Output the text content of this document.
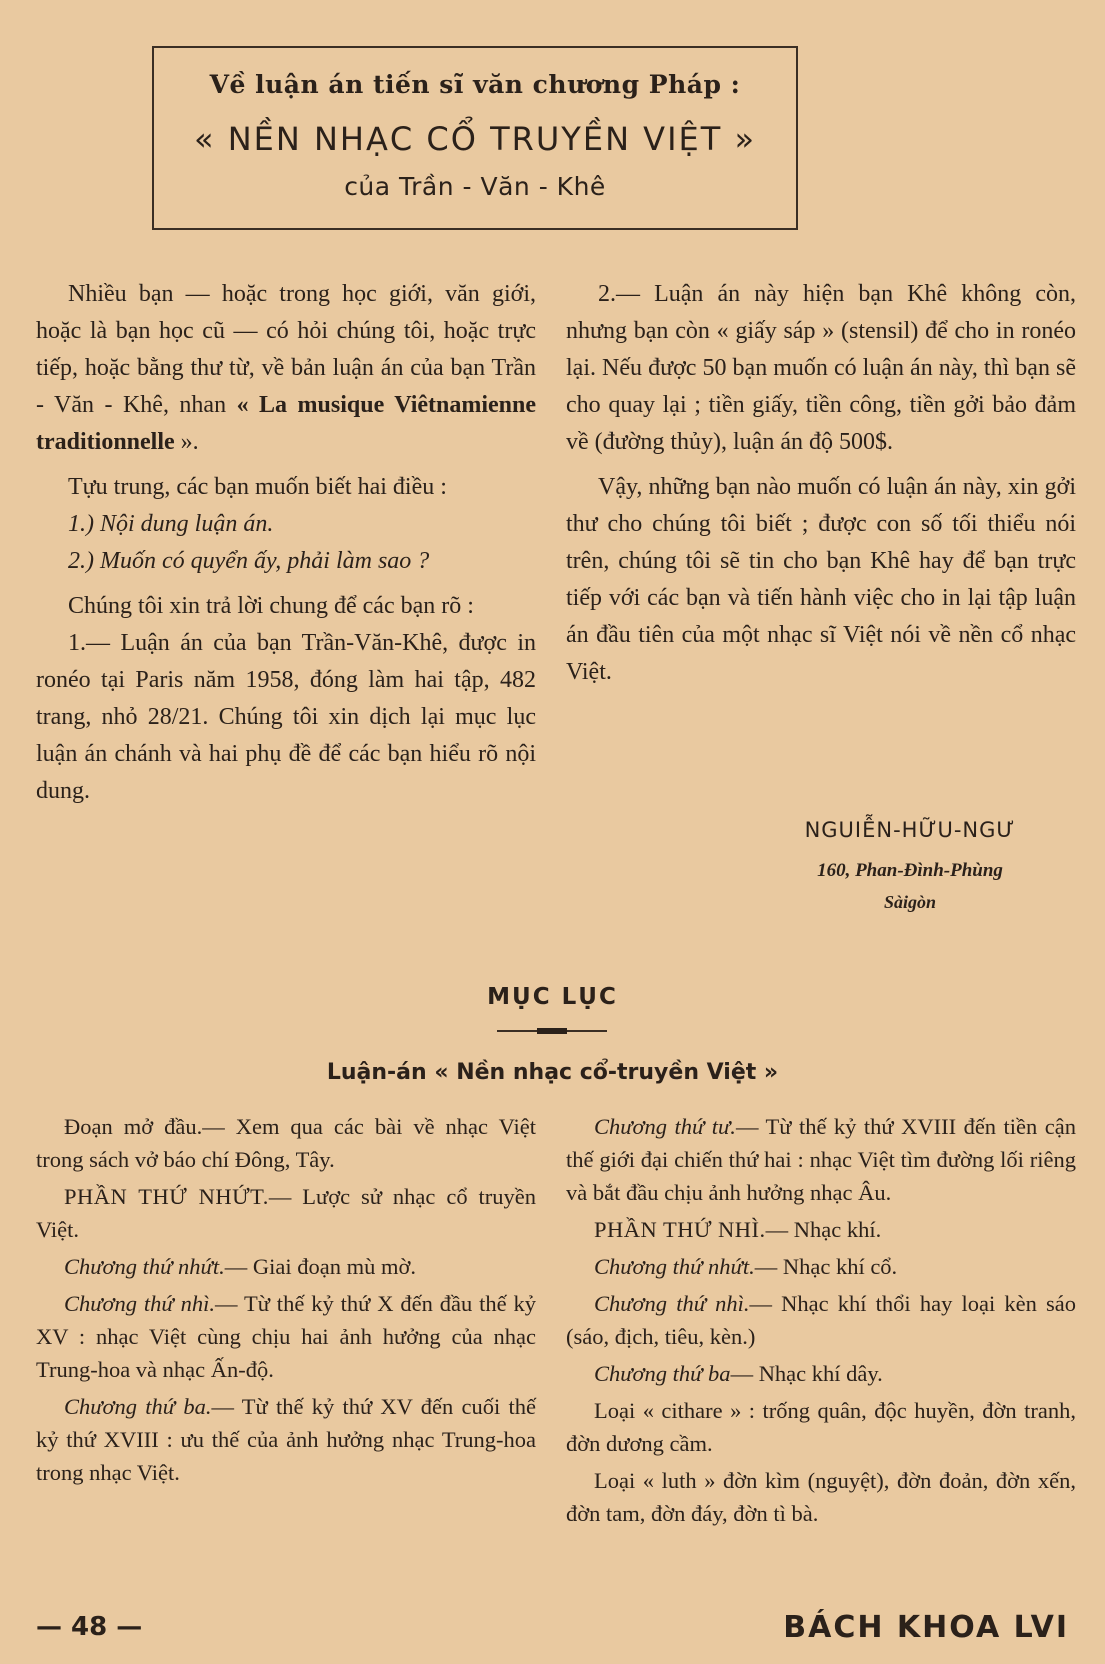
Về luận án tiến sĩ văn chương Pháp :
« NỀN NHẠC CỔ TRUYỀN VIỆT »
của Trần - Văn - Khê

Nhiều bạn — hoặc trong học giới, văn giới, hoặc là bạn học cũ — có hỏi chúng tôi, hoặc trực tiếp, hoặc bằng thư từ, về bản luận án của bạn Trần - Văn - Khê, nhan « La musique Viêtnamienne traditionnelle ».

Tựu trung, các bạn muốn biết hai điều :

1.) Nội dung luận án.

2.) Muốn có quyển ấy, phải làm sao ?

Chúng tôi xin trả lời chung để các bạn rõ :

1.— Luận án của bạn Trần-Văn-Khê, được in ronéo tại Paris năm 1958, đóng làm hai tập, 482 trang, nhỏ 28/21. Chúng tôi xin dịch lại mục lục luận án chánh và hai phụ đề để các bạn hiểu rõ nội dung.

2.— Luận án này hiện bạn Khê không còn, nhưng bạn còn « giấy sáp » (stensil) để cho in ronéo lại. Nếu được 50 bạn muốn có luận án này, thì bạn sẽ cho quay lại ; tiền giấy, tiền công, tiền gởi bảo đảm về (đường thủy), luận án độ 500$.

Vậy, những bạn nào muốn có luận án này, xin gởi thư cho chúng tôi biết ; được con số tối thiểu nói trên, chúng tôi sẽ tin cho bạn Khê hay để bạn trực tiếp với các bạn và tiến hành việc cho in lại tập luận án đầu tiên của một nhạc sĩ Việt nói về nền cổ nhạc Việt.

NGUIỄN-HỮU-NGƯ
160, Phan-Đình-Phùng
Sàigòn
MỤC LỤC
Luận-án « Nền nhạc cổ-truyền Việt »

Đoạn mở đầu.— Xem qua các bài về nhạc Việt trong sách vở báo chí Đông, Tây.

PHẦN THỨ NHỨT.— Lược sử nhạc cổ truyền Việt.

Chương thứ nhứt.— Giai đoạn mù mờ.

Chương thứ nhì.— Từ thế kỷ thứ X đến đầu thế kỷ XV : nhạc Việt cùng chịu hai ảnh hưởng của nhạc Trung-hoa và nhạc Ấn-độ.

Chương thứ ba.— Từ thế kỷ thứ XV đến cuối thế kỷ thứ XVIII : ưu thế của ảnh hưởng nhạc Trung-hoa trong nhạc Việt.

Chương thứ tư.— Từ thế kỷ thứ XVIII đến tiền cận thế giới đại chiến thứ hai : nhạc Việt tìm đường lối riêng và bắt đầu chịu ảnh hưởng nhạc Âu.

PHẦN THỨ NHÌ.— Nhạc khí.

Chương thứ nhứt.— Nhạc khí cổ.

Chương thứ nhì.— Nhạc khí thổi hay loại kèn sáo (sáo, địch, tiêu, kèn.)

Chương thứ ba— Nhạc khí dây.

Loại « cithare » : trống quân, độc huyền, đờn tranh, đờn dương cầm.

Loại « luth » đờn kìm (nguyệt), đờn đoản, đờn xến, đờn tam, đờn đáy, đờn tì bà.

— 48 —	BÁCH KHOA LVI
